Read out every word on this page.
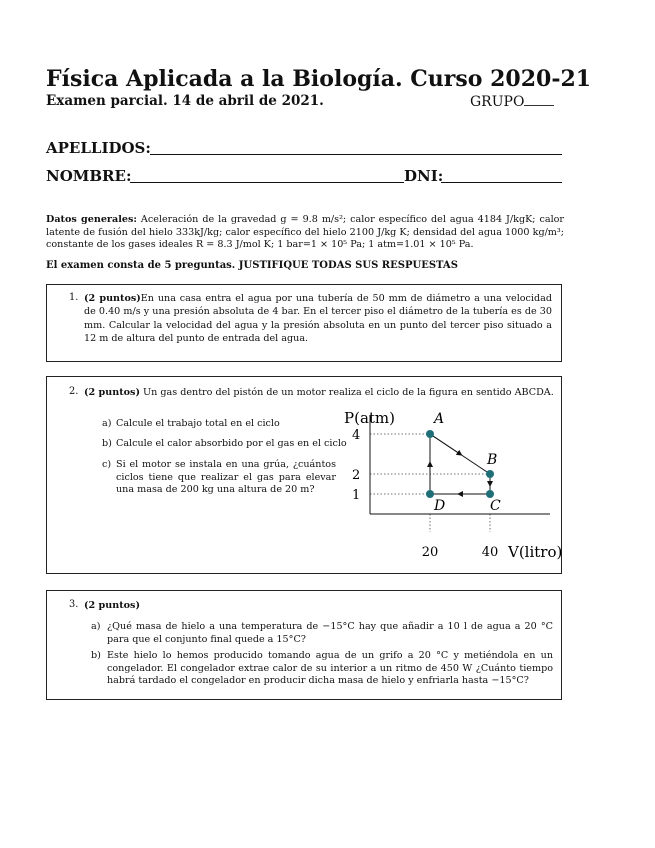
Física Aplicada a la Biología. Curso 2020-21
Examen parcial. 14 de abril de 2021.	GRUPO
APELLIDOS:
NOMBRE:	DNI:
Datos generales: Aceleración de la gravedad g = 9.8 m/s²; calor específico del agua 4184 J/kgK; calor latente de fusión del hielo 333kJ/kg; calor específico del hielo 2100 J/kg K; densidad del agua 1000 kg/m³; constante de los gases ideales R = 8.3 J/mol K; 1 bar=1 × 10⁵ Pa; 1 atm=1.01 × 10⁵ Pa.
El examen consta de 5 preguntas. JUSTIFIQUE TODAS SUS RESPUESTAS
1. (2 puntos)En una casa entra el agua por una tubería de 50 mm de diámetro a una velocidad de 0.40 m/s y una presión absoluta de 4 bar. En el tercer piso el diámetro de la tubería es de 30 mm. Calcular la velocidad del agua y la presión absoluta en un punto del tercer piso situado a 12 m de altura del punto de entrada del agua.
2. (2 puntos) Un gas dentro del pistón de un motor realiza el ciclo de la figura en sentido ABCDA.
a) Calcule el trabajo total en el ciclo
b) Calcule el calor absorbido por el gas en el ciclo
c) Si el motor se instala en una grúa, ¿cuántos ciclos tiene que realizar el gas para elevar una masa de 200 kg una altura de 20 m?
P(atm)
V(litro)
4
2
1
20	40
A
B
C
D
3. (2 puntos)
a) ¿Qué masa de hielo a una temperatura de −15°C hay que añadir a 10 l de agua a 20 °C para que el conjunto final quede a 15°C?
b) Este hielo lo hemos producido tomando agua de un grifo a 20 °C y metiéndola en un congelador. El congelador extrae calor de su interior a un ritmo de 450 W ¿Cuánto tiempo habrá tardado el congelador en producir dicha masa de hielo y enfriarla hasta −15°C?
